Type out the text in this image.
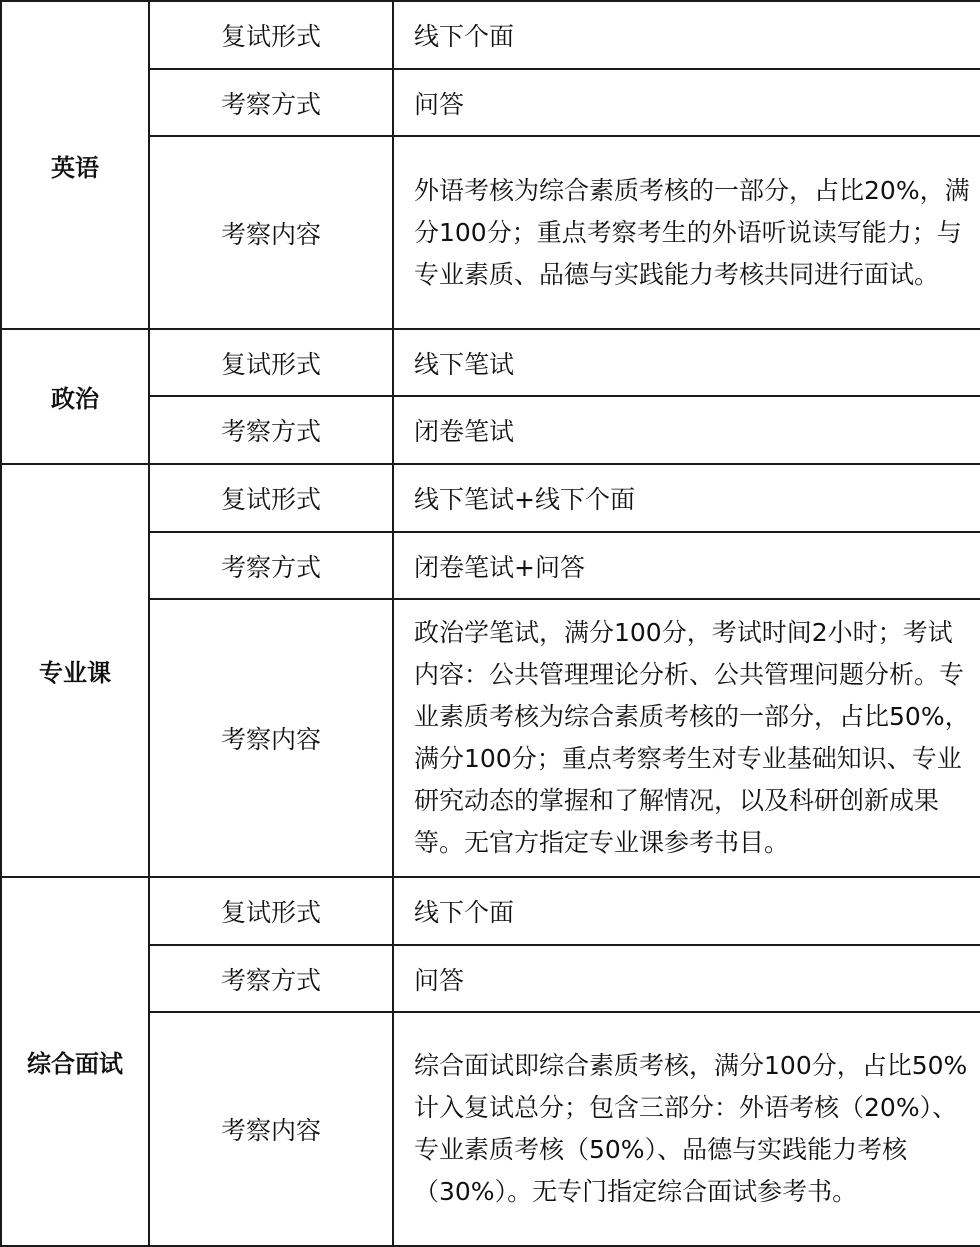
英语	复试形式	线下个面
	考察方式	问答
	考察内容	外语考核为综合素质考核的一部分，占比20%，满分100分；重点考察考生的外语听说读写能力；与专业素质、品德与实践能力考核共同进行面试。
政治	复试形式	线下笔试
	考察方式	闭卷笔试
专业课	复试形式	线下笔试+线下个面
	考察方式	闭卷笔试+问答
	考察内容	政治学笔试，满分100分，考试时间2小时；考试内容：公共管理理论分析、公共管理问题分析。专业素质考核为综合素质考核的一部分，占比50%，满分100分；重点考察考生对专业基础知识、专业研究动态的掌握和了解情况，以及科研创新成果等。无官方指定专业课参考书目。
综合面试	复试形式	线下个面
	考察方式	问答
	考察内容	综合面试即综合素质考核，满分100分，占比50%计入复试总分；包含三部分：外语考核（20%）、专业素质考核（50%）、品德与实践能力考核（30%）。无专门指定综合面试参考书。
